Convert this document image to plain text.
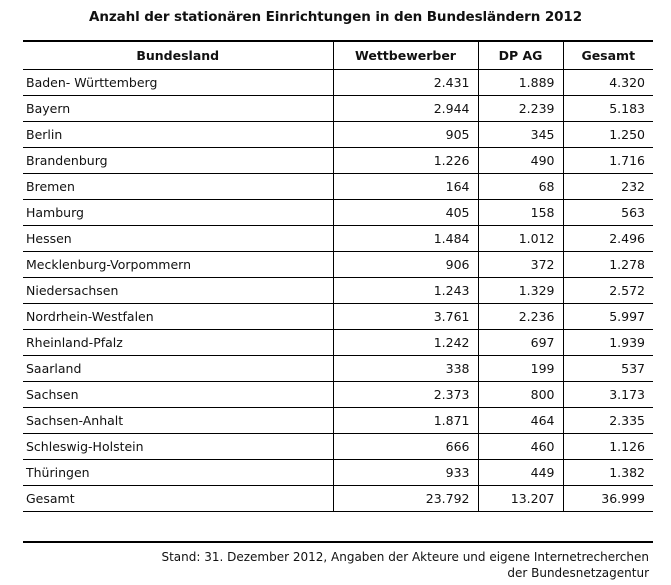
Anzahl der stationären Einrichtungen in den Bundesländern 2012
Bundesland	Wettbewerber	DP AG	Gesamt
Baden- Württemberg	2.431	1.889	4.320
Bayern	2.944	2.239	5.183
Berlin	905	345	1.250
Brandenburg	1.226	490	1.716
Bremen	164	68	232
Hamburg	405	158	563
Hessen	1.484	1.012	2.496
Mecklenburg-Vorpommern	906	372	1.278
Niedersachsen	1.243	1.329	2.572
Nordrhein-Westfalen	3.761	2.236	5.997
Rheinland-Pfalz	1.242	697	1.939
Saarland	338	199	537
Sachsen	2.373	800	3.173
Sachsen-Anhalt	1.871	464	2.335
Schleswig-Holstein	666	460	1.126
Thüringen	933	449	1.382
Gesamt	23.792	13.207	36.999
Stand: 31. Dezember 2012, Angaben der Akteure und eigene Internetrecherchen
der Bundesnetzagentur
